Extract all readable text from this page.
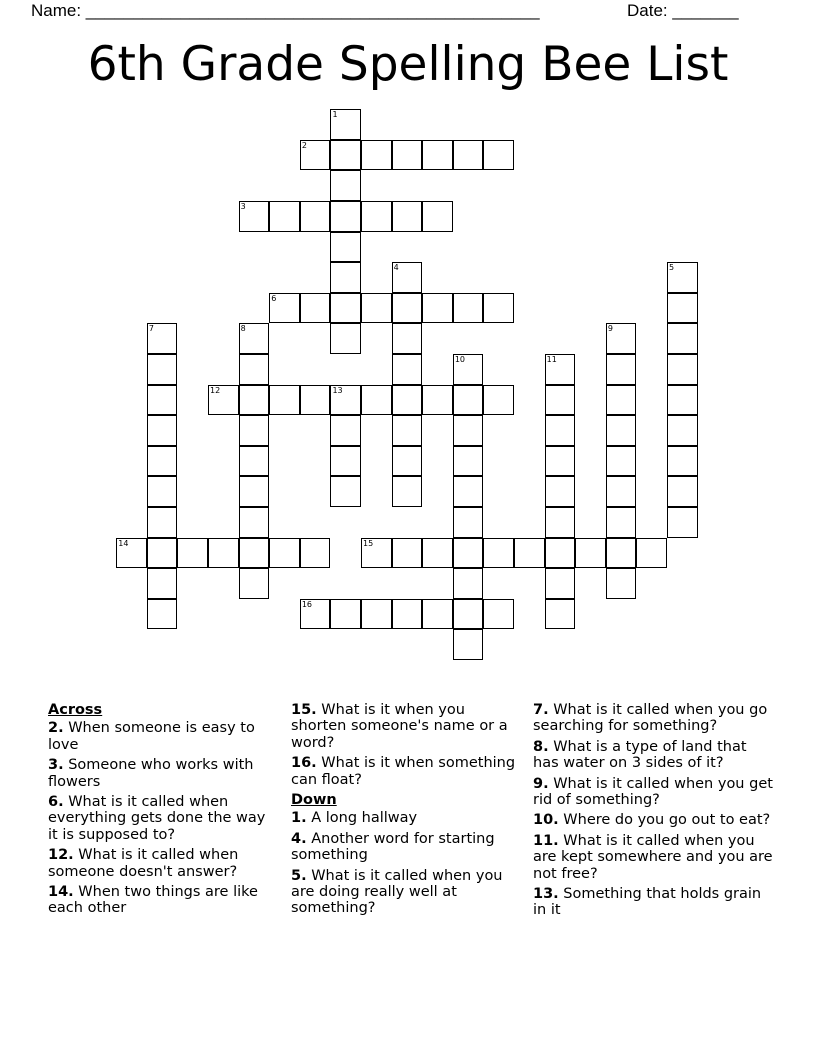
Name: ________________________________________________	Date: _______
6th Grade Spelling Bee List
1
2
3
4	5
6
7	8	9
10	11
12	13
14	15
16

Across

2. When someone is easy to love

3. Someone who works with flowers

6. What is it called when everything gets done the way it is supposed to?

12. What is it called when someone doesn't answer?

14. When two things are like each other

15. What is it when you shorten someone's name or a word?

16. What is it when something can float?

Down

1. A long hallway

4. Another word for starting something

5. What is it called when you are doing really well at something?

7. What is it called when you go searching for something?

8. What is a type of land that has water on 3 sides of it?

9. What is it called when you get rid of something?

10. Where do you go out to eat?

11. What is it called when you are kept somewhere and you are not free?

13. Something that holds grain in it
